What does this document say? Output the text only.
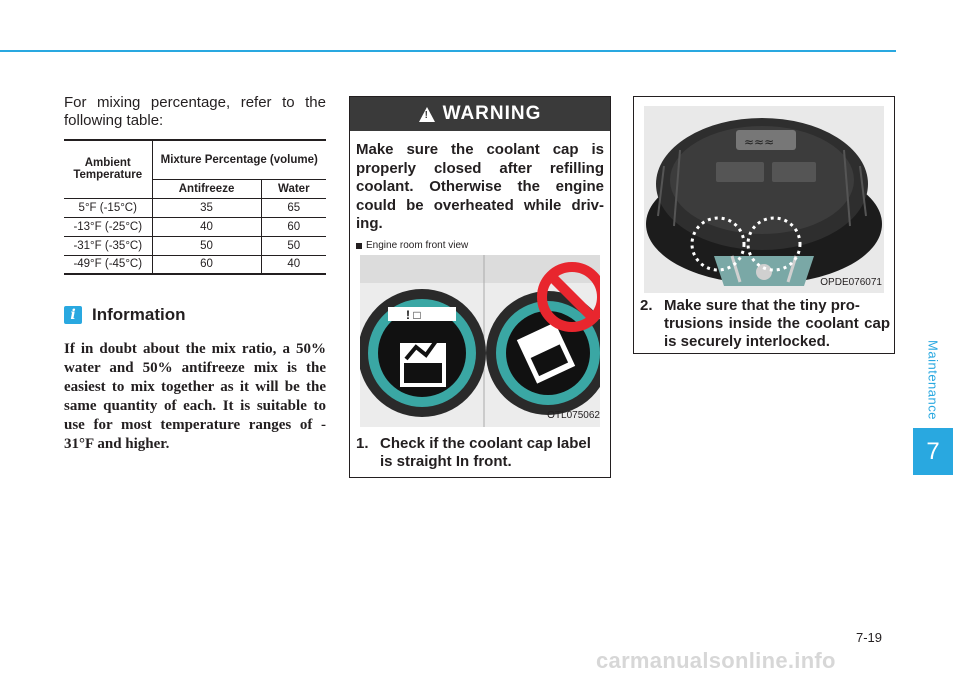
Maintenance
7

For mixing percentage, refer to the following table:

Ambient Temperature	Mixture Percentage (volume)	
	Antifreeze	Water
5°F (-15°C)	35	65
-13°F (-25°C)	40	60
-31°F (-35°C)	50	50
-49°F (-45°C)	60	40
i Information

If in doubt about the mix ratio, a 50% water and 50% antifreeze mix is the easiest to mix together as it will be the same quantity of each. It is suitable to use for most temperature ranges of - 31°F and higher.

!
WARNING

Make sure the coolant cap is properly closed after refilling coolant. Otherwise the engine could be overheated while driv-ing.

Engine room front view
! □
OTL075062
1. Check if the coolant cap label
is straight In front.
≈≈≈
OPDE076071
2. Make sure that the tiny pro-
trusions inside the coolant cap is securely interlocked.
7-19
carmanualsonline.info
